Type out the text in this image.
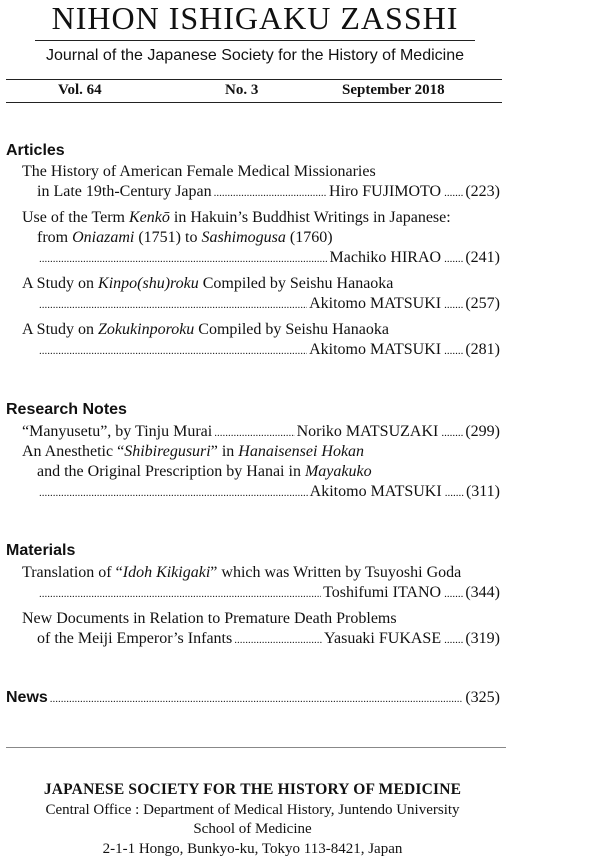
NIHON ISHIGAKU ZASSHI
Journal of the Japanese Society for the History of Medicine
Vol. 64	No. 3	September 2018
Articles
The History of American Female Medical Missionaries
in Late 19th-Century Japan .....	Hiro FUJIMOTO ....... (223)
Use of the Term Kenkō in Hakuin’s Buddhist Writings in Japanese:
from Oniazami (1751) to Sashimogusa (1760)
.....
Machiko HIRAO ....... (241)
A Study on Kinpo(shu)roku Compiled by Seishu Hanaoka
.....
Akitomo MATSUKI ....... (257)
A Study on Zokukinporoku Compiled by Seishu Hanaoka
.....
Akitomo MATSUKI ....... (281)
Research Notes
“Manyusetu”, by Tinju Murai .....	Noriko MATSUZAKI ........ (299)
An Anesthetic “Shibiregusuri” in Hanaisensei Hokan
and the Original Prescription by Hanai in Mayakuko
.....
Akitomo MATSUKI ....... (311)
Materials
Translation of “Idoh Kikigaki” which was Written by Tsuyoshi Goda
.....
Toshifumi ITANO ....... (344)
New Documents in Relation to Premature Death Problems
of the Meiji Emperor’s Infants .....	Yasuaki FUKASE ....... (319)
News .....	(325)
JAPANESE SOCIETY FOR THE HISTORY OF MEDICINE
Central Office : Department of Medical History, Juntendo University
School of Medicine
2-1-1 Hongo, Bunkyo-ku, Tokyo 113-8421, Japan
